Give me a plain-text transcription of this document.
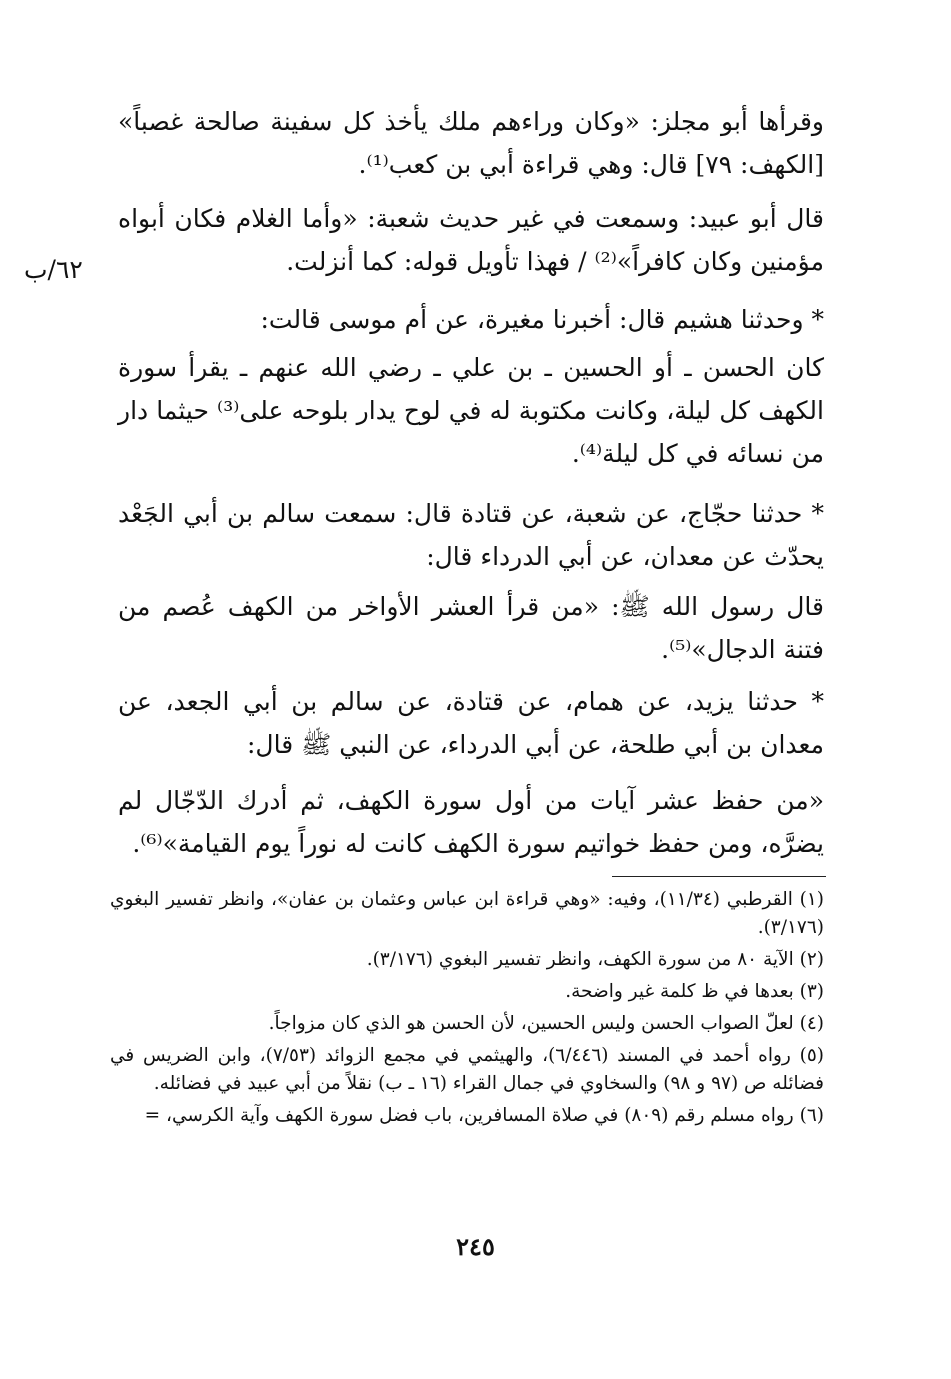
٦٢/ب

وقرأها أبو مجلز: «وكان وراءهم ملك يأخذ كل سفينة صالحة غصباً» [الكهف: ٧٩] قال: وهي قراءة أبي بن كعب⁽¹⁾.

قال أبو عبيد: وسمعت في غير حديث شعبة: «وأما الغلام فكان أبواه مؤمنين وكان كافراً»⁽²⁾ / فهذا تأويل قوله: كما أنزلت.

* وحدثنا هشيم قال: أخبرنا مغيرة، عن أم موسى قالت:

كان الحسن ـ أو الحسين ـ بن علي ـ رضي الله عنهم ـ يقرأ سورة الكهف كل ليلة، وكانت مكتوبة له في لوح يدار بلوحه على⁽³⁾ حيثما دار من نسائه في كل ليلة⁽⁴⁾.

* حدثنا حجّاج، عن شعبة، عن قتادة قال: سمعت سالم بن أبي الجَعْد يحدّث عن معدان، عن أبي الدرداء قال:

قال رسول الله ﷺ: «من قرأ العشر الأواخر من الكهف عُصم من فتنة الدجال»⁽⁵⁾.

* حدثنا يزيد، عن همام، عن قتادة، عن سالم بن أبي الجعد، عن معدان بن أبي طلحة، عن أبي الدرداء، عن النبي ﷺ قال:

«من حفظ عشر آيات من أول سورة الكهف، ثم أدرك الدّجّال لم يضرَّه، ومن حفظ خواتيم سورة الكهف كانت له نوراً يوم القيامة»⁽⁶⁾.

(١) القرطبي (١١/٣٤)، وفيه: «وهي قراءة ابن عباس وعثمان بن عفان»، وانظر تفسير البغوي (٣/١٧٦).

(٢) الآية ٨٠ من سورة الكهف، وانظر تفسير البغوي (٣/١٧٦).

(٣) بعدها في ظ كلمة غير واضحة.

(٤) لعلّ الصواب الحسن وليس الحسين، لأن الحسن هو الذي كان مزواجاً.

(٥) رواه أحمد في المسند (٦/٤٤٦)، والهيثمي في مجمع الزوائد (٧/٥٣)، وابن الضريس في فضائله ص (٩٧ و ٩٨) والسخاوي في جمال القراء (١٦ ـ ب) نقلاً من أبي عبيد في فضائله.

(٦) رواه مسلم رقم (٨٠٩) في صلاة المسافرين، باب فضل سورة الكهف وآية الكرسي، =

٢٤٥
